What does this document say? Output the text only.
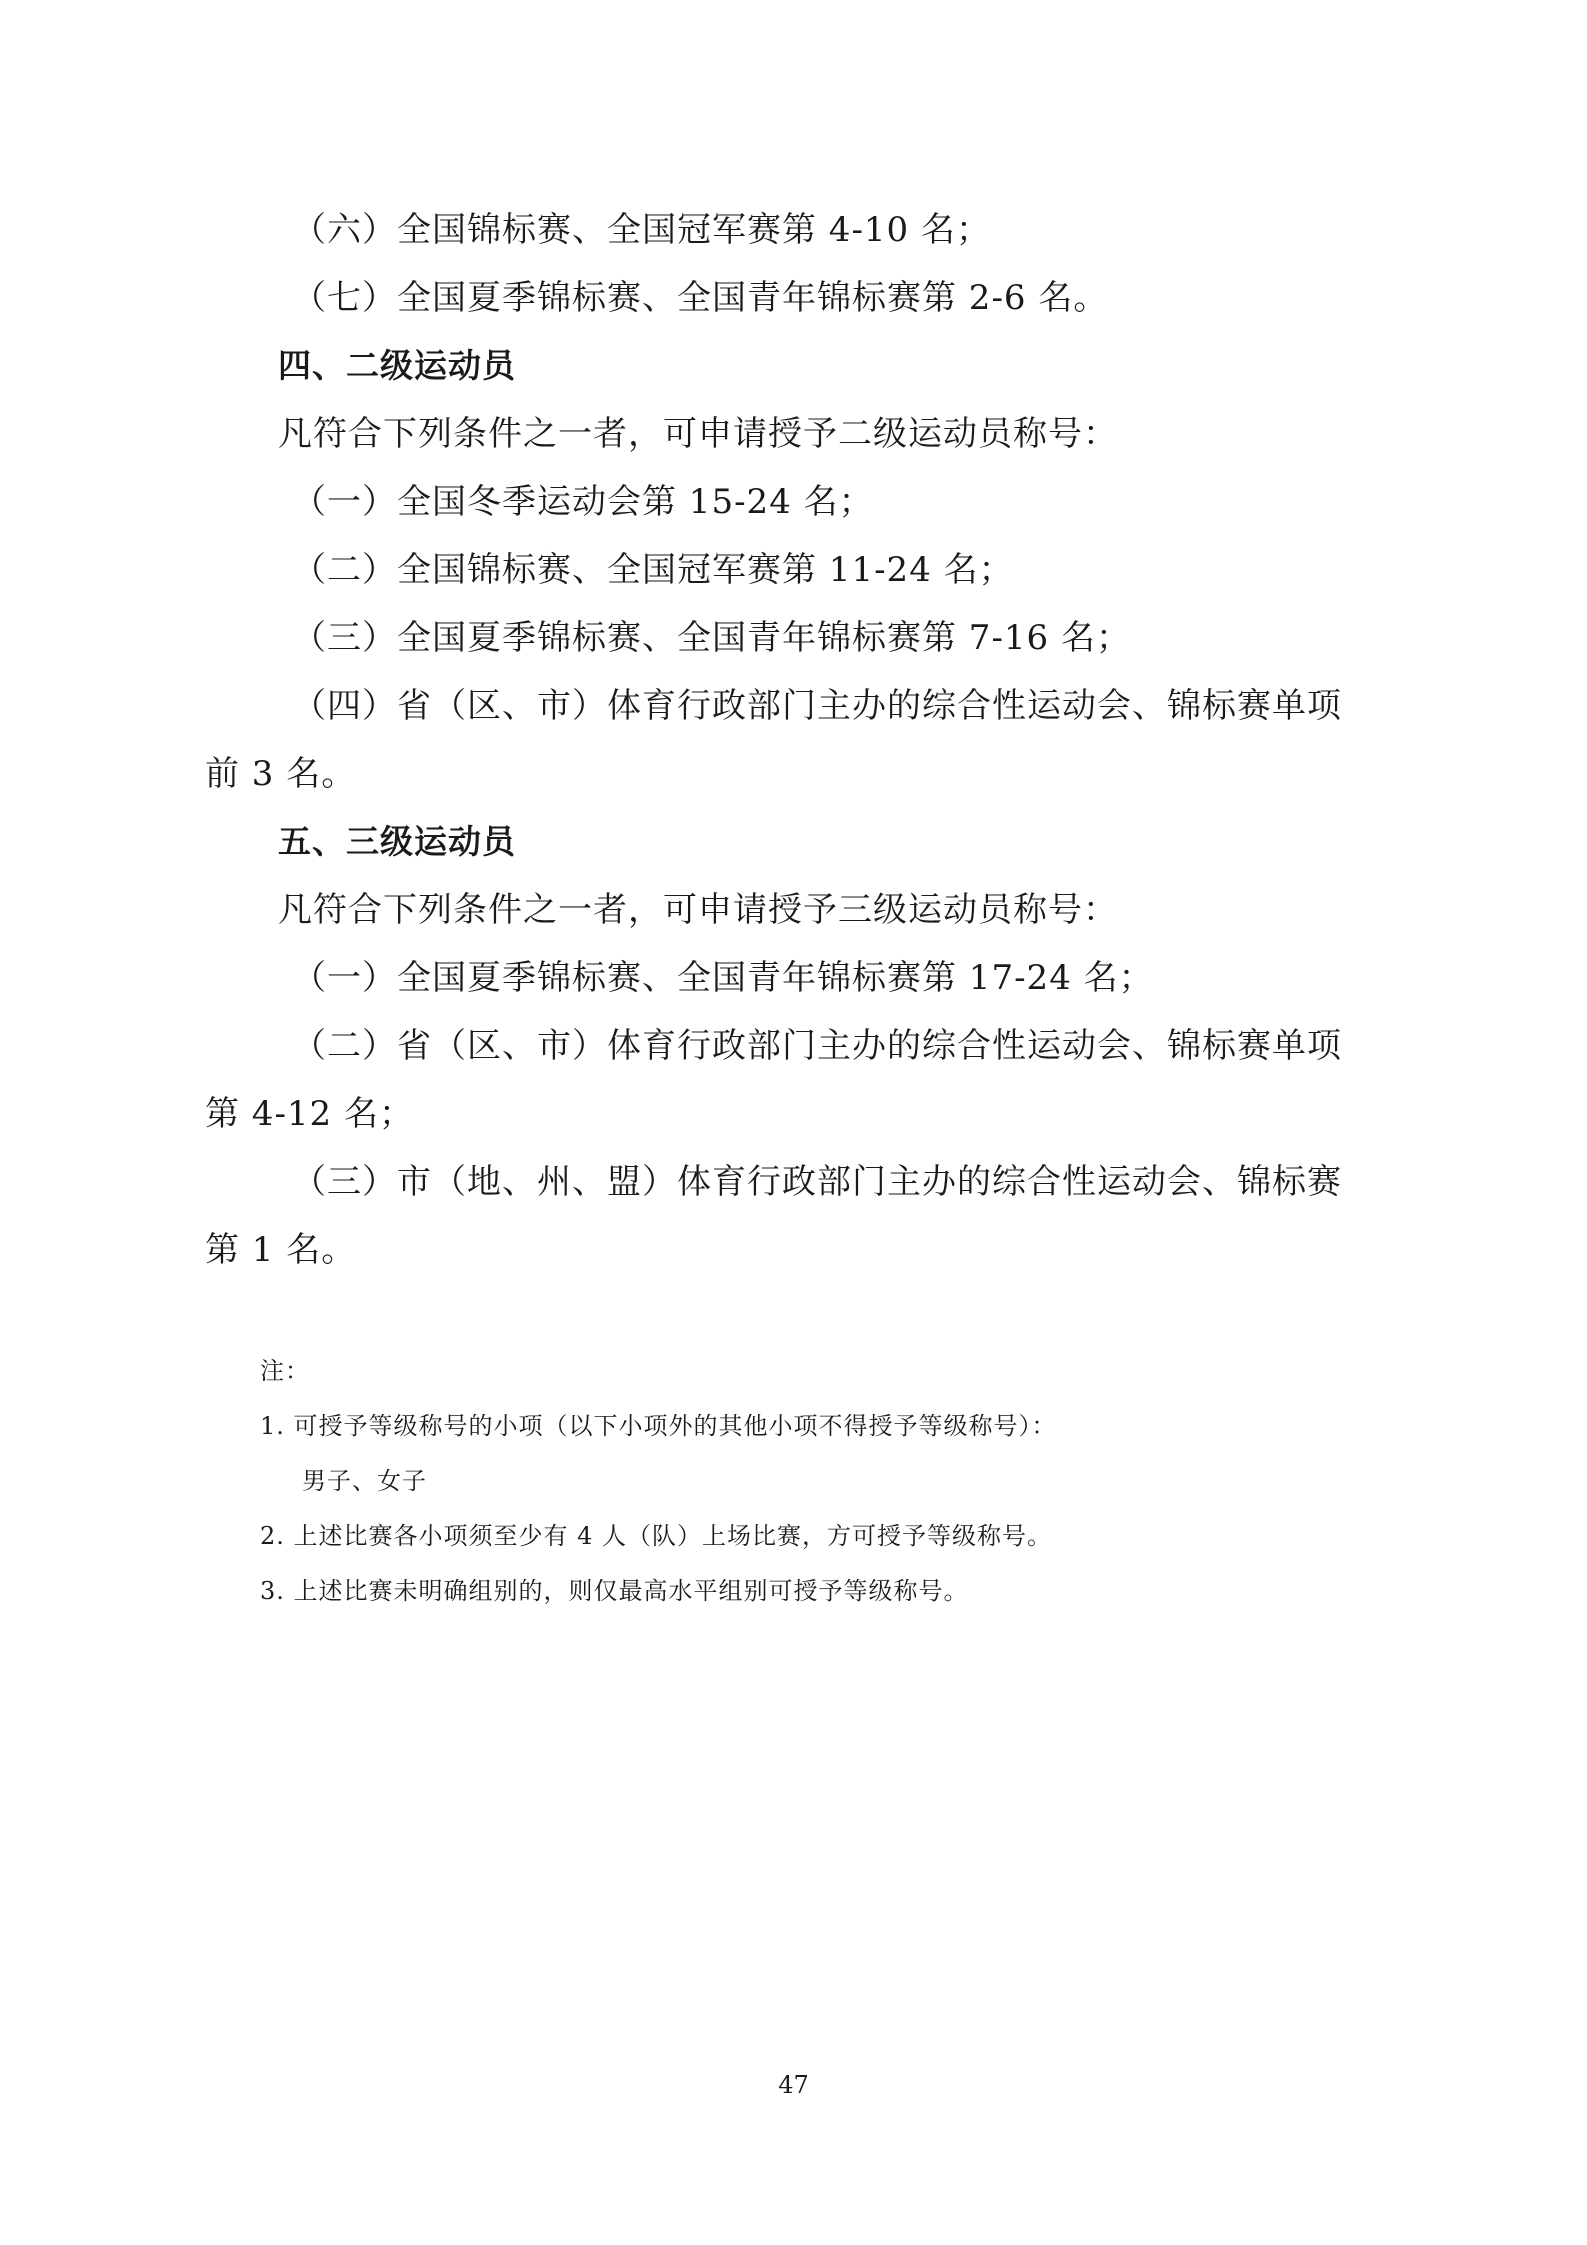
（六）全国锦标赛、全国冠军赛第 4-10 名；
（七）全国夏季锦标赛、全国青年锦标赛第 2-6 名。
四、二级运动员
凡符合下列条件之一者，可申请授予二级运动员称号：
（一）全国冬季运动会第 15-24 名；
（二）全国锦标赛、全国冠军赛第 11-24 名；
（三）全国夏季锦标赛、全国青年锦标赛第 7-16 名；
（四）省（区、市）体育行政部门主办的综合性运动会、锦标赛单项
前 3 名。
五、三级运动员
凡符合下列条件之一者，可申请授予三级运动员称号：
（一）全国夏季锦标赛、全国青年锦标赛第 17-24 名；
（二）省（区、市）体育行政部门主办的综合性运动会、锦标赛单项
第 4-12 名；
（三）市（地、州、盟）体育行政部门主办的综合性运动会、锦标赛
第 1 名。
注：
1. 可授予等级称号的小项（以下小项外的其他小项不得授予等级称号）：
男子、女子
2. 上述比赛各小项须至少有 4 人（队）上场比赛，方可授予等级称号。
3. 上述比赛未明确组别的，则仅最高水平组别可授予等级称号。
47
